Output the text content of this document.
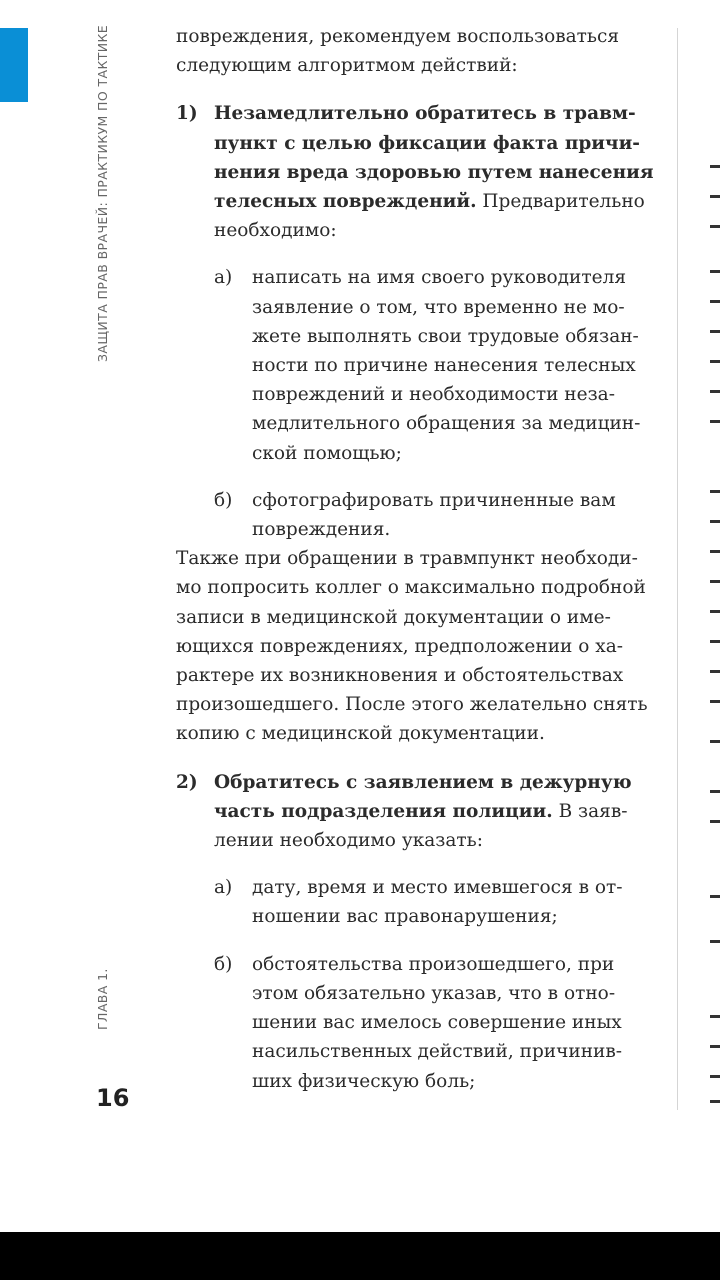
ЗАЩИТА ПРАВ ВРАЧЕЙ: ПРАКТИКУМ ПО ТАКТИКЕ
ГЛАВА 1.
16

повреждения, рекомендуем воспользоваться
следующим алгоритмом действий:

1) Незамедлительно обратитесь в травм-
пункт с целью фиксации факта причи-
нения вреда здоровью путем нанесения
телесных повреждений. Предварительно
необходимо:
а) написать на имя своего руководителя
заявление о том, что временно не мо-
жете выполнять свои трудовые обязан-
ности по причине нанесения телесных
повреждений и необходимости неза-
медлительного обращения за медицин-
ской помощью;
б) сфотографировать причиненные вам
повреждения.

Также при обращении в травмпункт необходи-
мо попросить коллег о максимально подробной
записи в медицинской документации о име-
ющихся повреждениях, предположении о ха-
рактере их возникновения и обстоятельствах
произошедшего. После этого желательно снять
копию с медицинской документации.

2) Обратитесь с заявлением в дежурную
часть подразделения полиции. В заяв-
лении необходимо указать:
а) дату, время и место имевшегося в от-
ношении вас правонарушения;
б) обстоятельства произошедшего, при
этом обязательно указав, что в отно-
шении вас имелось совершение иных
насильственных действий, причинив-
ших физическую боль;
